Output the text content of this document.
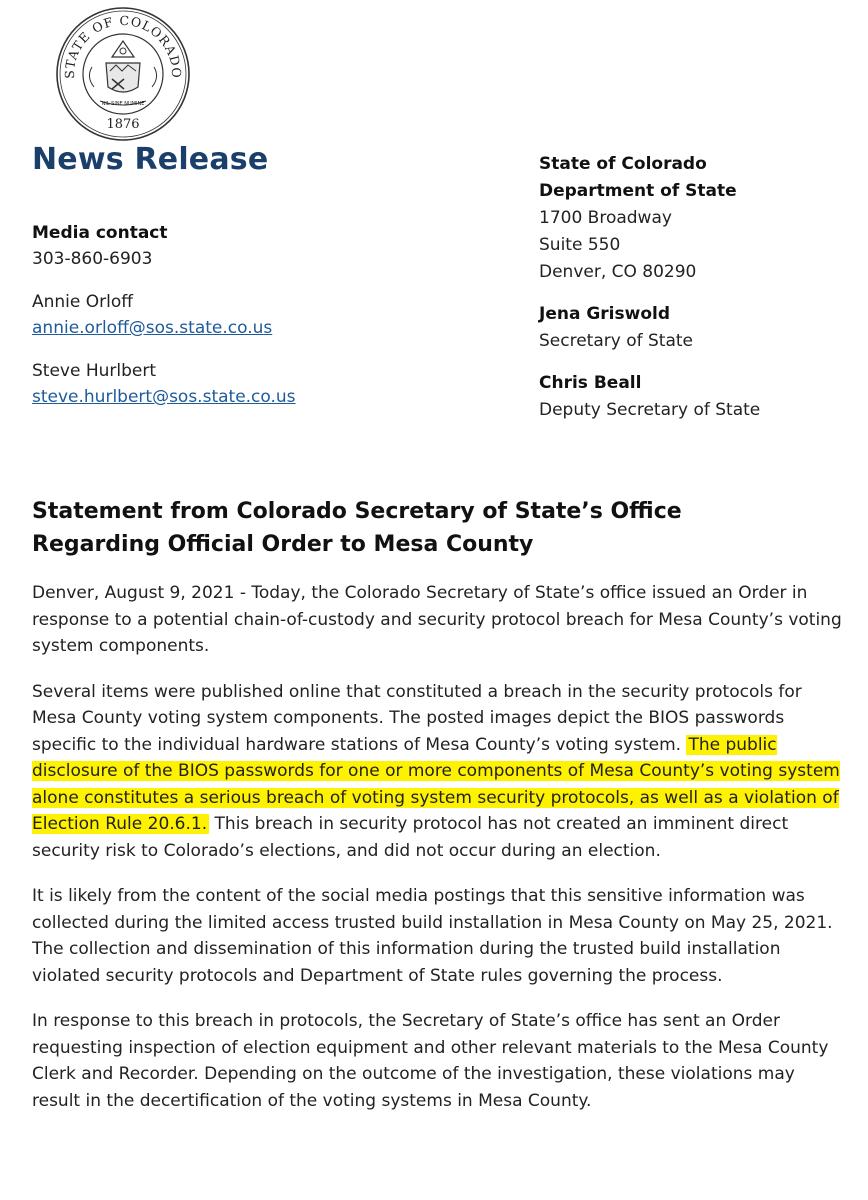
STATE OF COLORADO
1876
NIL SINE NUMINE
News Release
Media contact
303-860-6903
Annie Orloff
annie.orloff@sos.state.co.us
Steve Hurlbert
steve.hurlbert@sos.state.co.us
State of Colorado
Department of State
1700 Broadway
Suite 550
Denver, CO 80290
Jena Griswold
Secretary of State
Chris Beall
Deputy Secretary of State
Statement from Colorado Secretary of State’s Office
Regarding Official Order to Mesa County

Denver, August 9, 2021 - Today, the Colorado Secretary of State’s office issued an Order in response to a potential chain-of-custody and security protocol breach for Mesa County’s voting system components.

Several items were published online that constituted a breach in the security protocols for Mesa County voting system components. The posted images depict the BIOS passwords specific to the individual hardware stations of Mesa County’s voting system. The public disclosure of the BIOS passwords for one or more components of Mesa County’s voting system alone constitutes a serious breach of voting system security protocols, as well as a violation of Election Rule 20.6.1. This breach in security protocol has not created an imminent direct security risk to Colorado’s elections, and did not occur during an election.

It is likely from the content of the social media postings that this sensitive information was collected during the limited access trusted build installation in Mesa County on May 25, 2021. The collection and dissemination of this information during the trusted build installation violated security protocols and Department of State rules governing the process.

In response to this breach in protocols, the Secretary of State’s office has sent an Order requesting inspection of election equipment and other relevant materials to the Mesa County Clerk and Recorder. Depending on the outcome of the investigation, these violations may result in the decertification of the voting systems in Mesa County.
